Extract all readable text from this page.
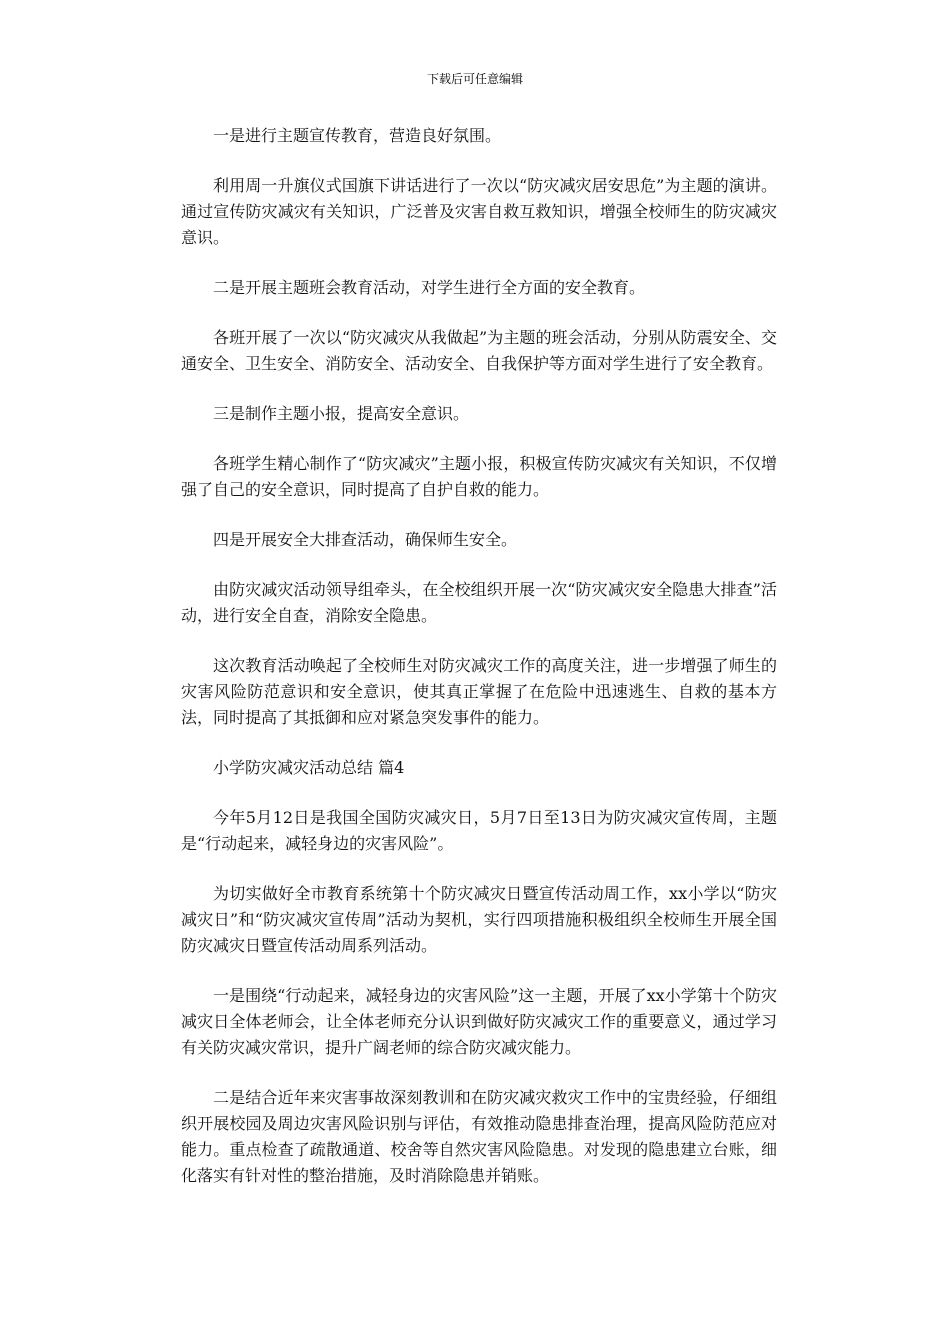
下载后可任意编辑

一是进行主题宣传教育，营造良好氛围。

利用周一升旗仪式国旗下讲话进行了一次以“防灾减灾居安思危”为主题的演讲。通过宣传防灾减灾有关知识，广泛普及灾害自救互救知识，增强全校师生的防灾减灾意识。

二是开展主题班会教育活动，对学生进行全方面的安全教育。

各班开展了一次以“防灾减灾从我做起”为主题的班会活动，分别从防震安全、交通安全、卫生安全、消防安全、活动安全、自我保护等方面对学生进行了安全教育。

三是制作主题小报，提高安全意识。

各班学生精心制作了“防灾减灾”主题小报，积极宣传防灾减灾有关知识，不仅增强了自己的安全意识，同时提高了自护自救的能力。

四是开展安全大排查活动，确保师生安全。

由防灾减灾活动领导组牵头，在全校组织开展一次“防灾减灾安全隐患大排查”活动，进行安全自查，消除安全隐患。

这次教育活动唤起了全校师生对防灾减灾工作的高度关注，进一步增强了师生的灾害风险防范意识和安全意识，使其真正掌握了在危险中迅速逃生、自救的基本方法，同时提高了其抵御和应对紧急突发事件的能力。

小学防灾减灾活动总结 篇4

今年5月12日是我国全国防灾减灾日，5月7日至13日为防灾减灾宣传周，主题是“行动起来，减轻身边的灾害风险”。

为切实做好全市教育系统第十个防灾减灾日暨宣传活动周工作，xx小学以“防灾减灾日”和“防灾减灾宣传周”活动为契机，实行四项措施积极组织全校师生开展全国防灾减灾日暨宣传活动周系列活动。

一是围绕“行动起来，减轻身边的灾害风险”这一主题，开展了xx小学第十个防灾减灾日全体老师会，让全体老师充分认识到做好防灾减灾工作的重要意义，通过学习有关防灾减灾常识，提升广阔老师的综合防灾减灾能力。

二是结合近年来灾害事故深刻教训和在防灾减灾救灾工作中的宝贵经验，仔细组织开展校园及周边灾害风险识别与评估，有效推动隐患排查治理，提高风险防范应对能力。重点检查了疏散通道、校舍等自然灾害风险隐患。对发现的隐患建立台账，细化落实有针对性的整治措施，及时消除隐患并销账。
